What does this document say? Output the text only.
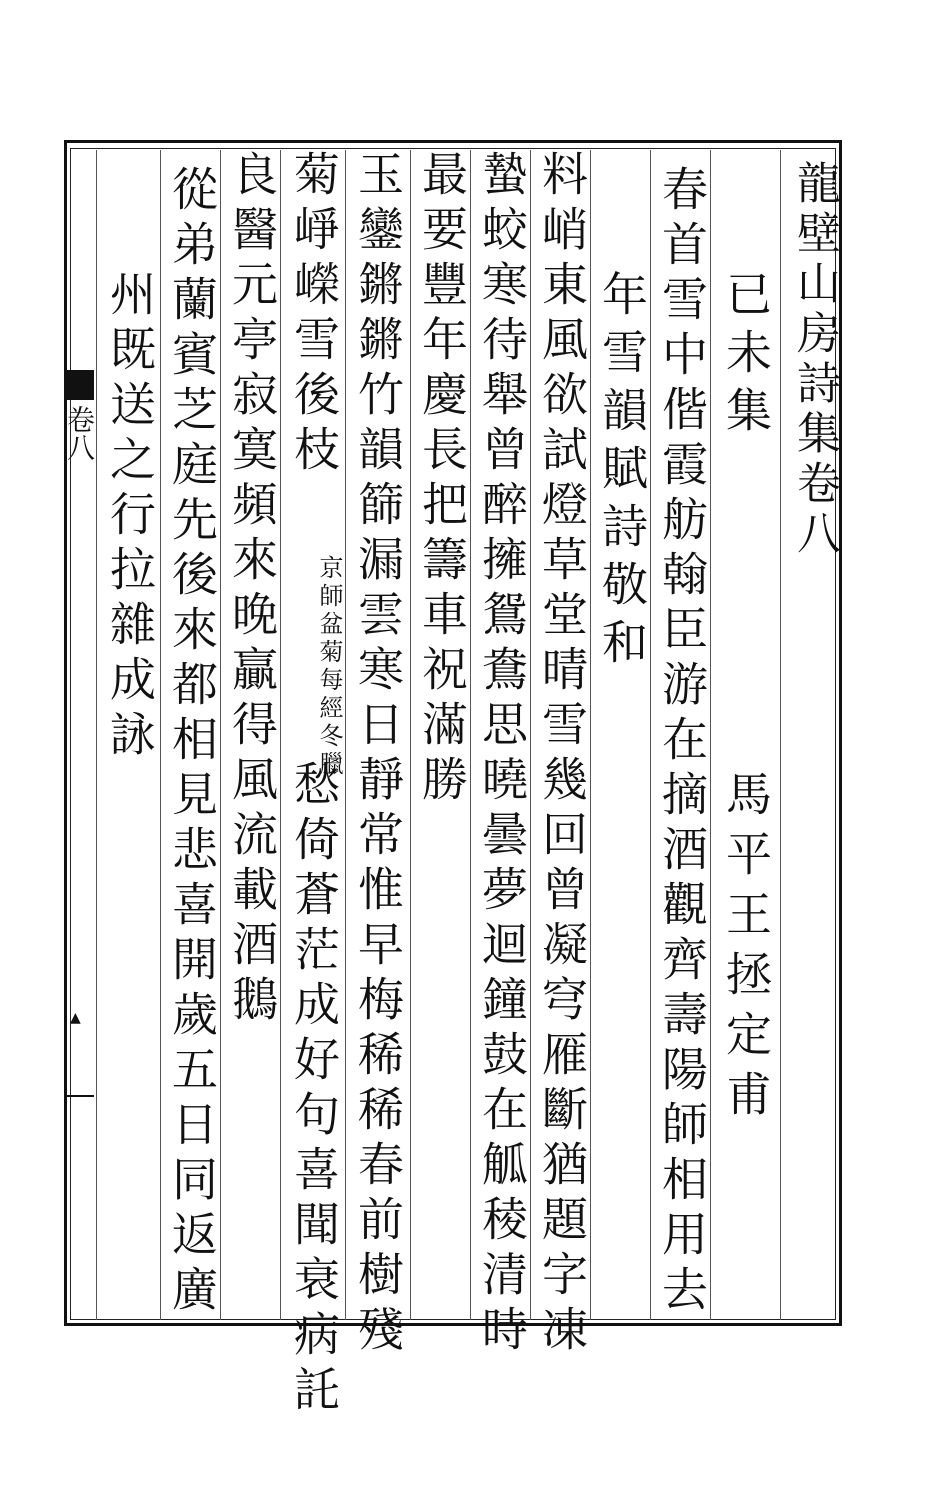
卷八
▲
龍壁山房詩集卷八
已未集
馬平王拯定甫
春首雪中偕霞舫翰臣游在摘酒觀齊壽陽師相用去
年雪韻賦詩敬和
料峭東風欲試燈草堂晴雪幾回曾凝穹雁斷猶題字凍
蟄蛟寒待舉曾醉擁鴛鴦思曉曇夢迴鐘鼓在觚稜清時
最要豐年慶長把籌車祝滿勝
玉鑾鏘鏘竹韻篩漏雲寒日靜常惟早梅稀稀春前樹殘
菊崢嶸雪後枝
京師盆菊每經冬臘
愁倚蒼茫成好句喜聞衰病託
良醫元亭寂寞頻來晚贏得風流載酒鵝
從弟蘭賓芝庭先後來都相見悲喜開歲五日同返廣
州既送之行拉雜成詠
